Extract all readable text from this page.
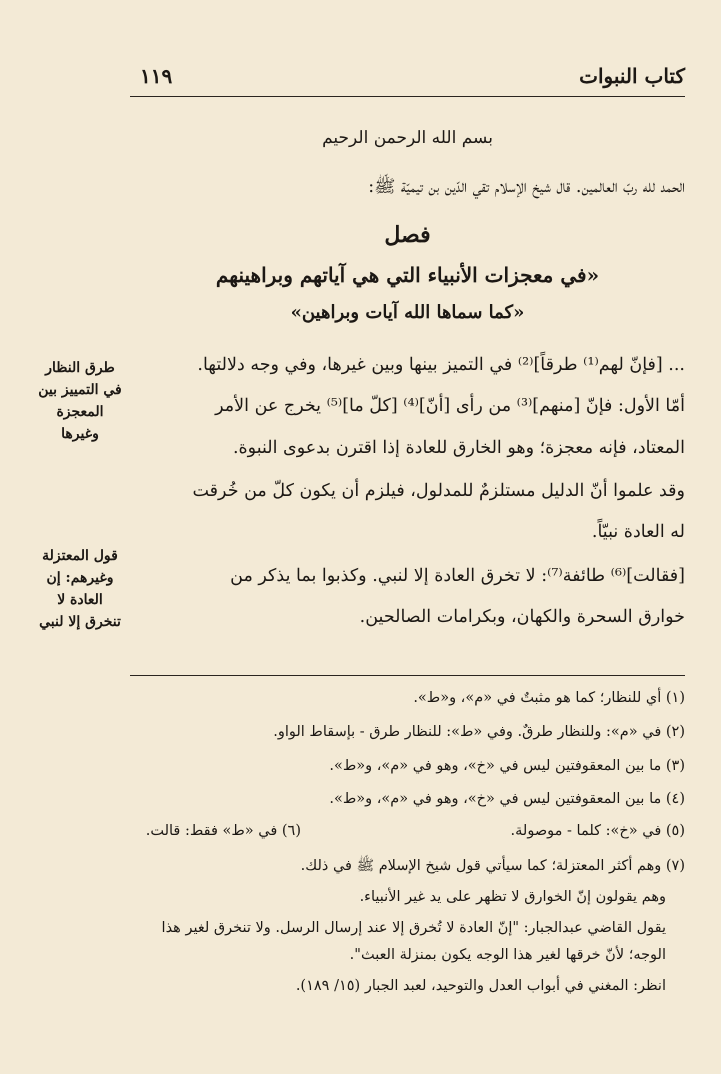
كتاب النبوات
١١٩
بسم الله الرحمن الرحيم
الحمد لله ربّ العالمين. قال شيخ الإسلام تقي الدّين بن تيميّة ﷺ:
فصل
«في معجزات الأنبياء التي هي آياتهم وبراهينهم
«كما سماها الله آيات وبراهين»
... [فإنّ لهم⁽¹⁾ طرقاً]⁽²⁾ في التميز بينها وبين غيرها، وفي وجه دلالتها.
أمّا الأول: فإنّ [منهم]⁽³⁾ من رأى [أنّ]⁽⁴⁾ [كلّ ما]⁽⁵⁾ يخرج عن الأمر
المعتاد، فإنه معجزة؛ وهو الخارق للعادة إذا اقترن بدعوى النبوة.
وقد علموا أنّ الدليل مستلزمٌ للمدلول، فيلزم أن يكون كلّ من خُرقت
له العادة نبيّاً.
[فقالت]⁽⁶⁾ طائفة⁽⁷⁾: لا تخرق العادة إلا لنبي. وكذبوا بما يذكر من
خوارق السحرة والكهان، وبكرامات الصالحين.
طرق النظار
في التمييز بين
المعجزة
وغيرها
قول المعتزلة
وغيرهم: إن
العادة لا
تنخرق إلا لنبي
(١) أي للنظار؛ كما هو مثبتٌ في «م»، و«ط».
(٢) في «م»: وللنظار طرقٌ. وفي «ط»: للنظار طرق - بإسقاط الواو.
(٣) ما بين المعقوفتين ليس في «خ»، وهو في «م»، و«ط».
(٤) ما بين المعقوفتين ليس في «خ»، وهو في «م»، و«ط».
(٥) في «خ»: كلما - موصولة.
(٦) في «ط» فقط: قالت.
(٧) وهم أكثر المعتزلة؛ كما سيأتي قول شيخ الإسلام ﷺ في ذلك.
وهم يقولون إنّ الخوارق لا تظهر على يد غير الأنبياء.
يقول القاضي عبدالجبار: "إنّ العادة لا تُخرق إلا عند إرسال الرسل. ولا تنخرق لغير هذا
الوجه؛ لأنّ خرقها لغير هذا الوجه يكون بمنزلة العبث".
انظر: المغني في أبواب العدل والتوحيد، لعبد الجبار (١٥/ ١٨٩).
